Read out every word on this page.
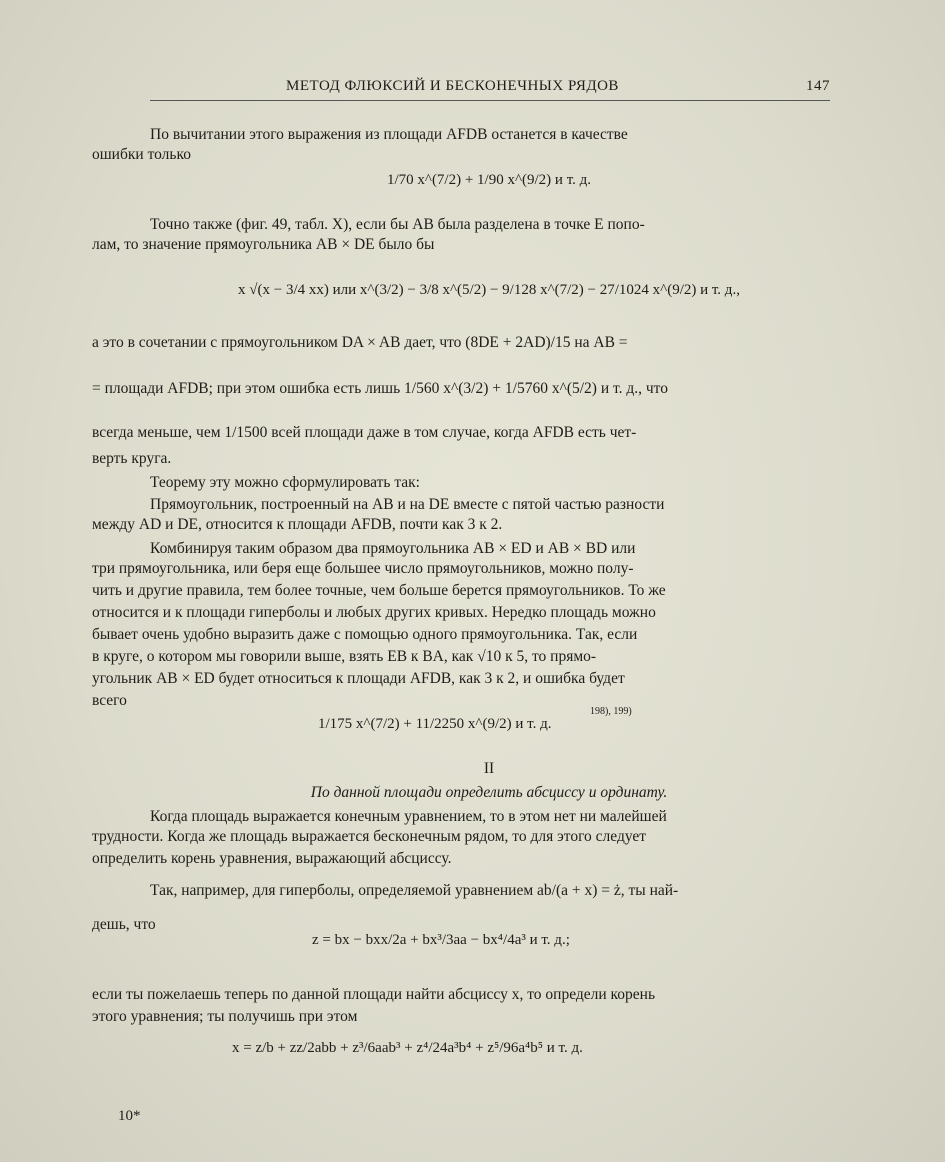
МЕТОД ФЛЮКСИЙ И БЕСКОНЕЧНЫХ РЯДОВ	147
По вычитании этого выражения из площади AFDB останется в качестве
ошибки только
1/70 x^(7/2) + 1/90 x^(9/2) и т. д.
Точно также (фиг. 49, табл. X), если бы AB была разделена в точке E попо-
лам, то значение прямоугольника AB × DE было бы
x √(x − 3/4 xx) или x^(3/2) − 3/8 x^(5/2) − 9/128 x^(7/2) − 27/1024 x^(9/2) и т. д.,
а это в сочетании с прямоугольником DA × AB дает, что (8DE + 2AD)/15 на AB =
= площади AFDB; при этом ошибка есть лишь 1/560 x^(3/2) + 1/5760 x^(5/2) и т. д., что
всегда меньше, чем 1/1500 всей площади даже в том случае, когда AFDB есть чет-
верть круга.
Теорему эту можно сформулировать так:
Прямоугольник, построенный на AB и на DE вместе с пятой частью разности
между AD и DE, относится к площади AFDB, почти как 3 к 2.
Комбинируя таким образом два прямоугольника AB × ED и AB × BD или
три прямоугольника, или беря еще большее число прямоугольников, можно полу-
чить и другие правила, тем более точные, чем больше берется прямоугольников. То же
относится и к площади гиперболы и любых других кривых. Нередко площадь можно
бывает очень удобно выразить даже с помощью одного прямоугольника. Так, если
в круге, о котором мы говорили выше, взять EB к BA, как √10 к 5, то прямо-
угольник AB × ED будет относиться к площади AFDB, как 3 к 2, и ошибка будет
всего
1/175 x^(7/2) + 11/2250 x^(9/2) и т. д.
198), 199)
II
По данной площади определить абсциссу и ординату.
Когда площадь выражается конечным уравнением, то в этом нет ни малейшей
трудности. Когда же площадь выражается бесконечным рядом, то для этого следует
определить корень уравнения, выражающий абсциссу.
Так, например, для гиперболы, определяемой уравнением ab/(a + x) = ż, ты най-
дешь, что
z = bx − bxx/2a + bx³/3aa − bx⁴/4a³ и т. д.;
если ты пожелаешь теперь по данной площади найти абсциссу x, то определи корень
этого уравнения; ты получишь при этом
x = z/b + zz/2abb + z³/6aab³ + z⁴/24a³b⁴ + z⁵/96a⁴b⁵ и т. д.
10*
